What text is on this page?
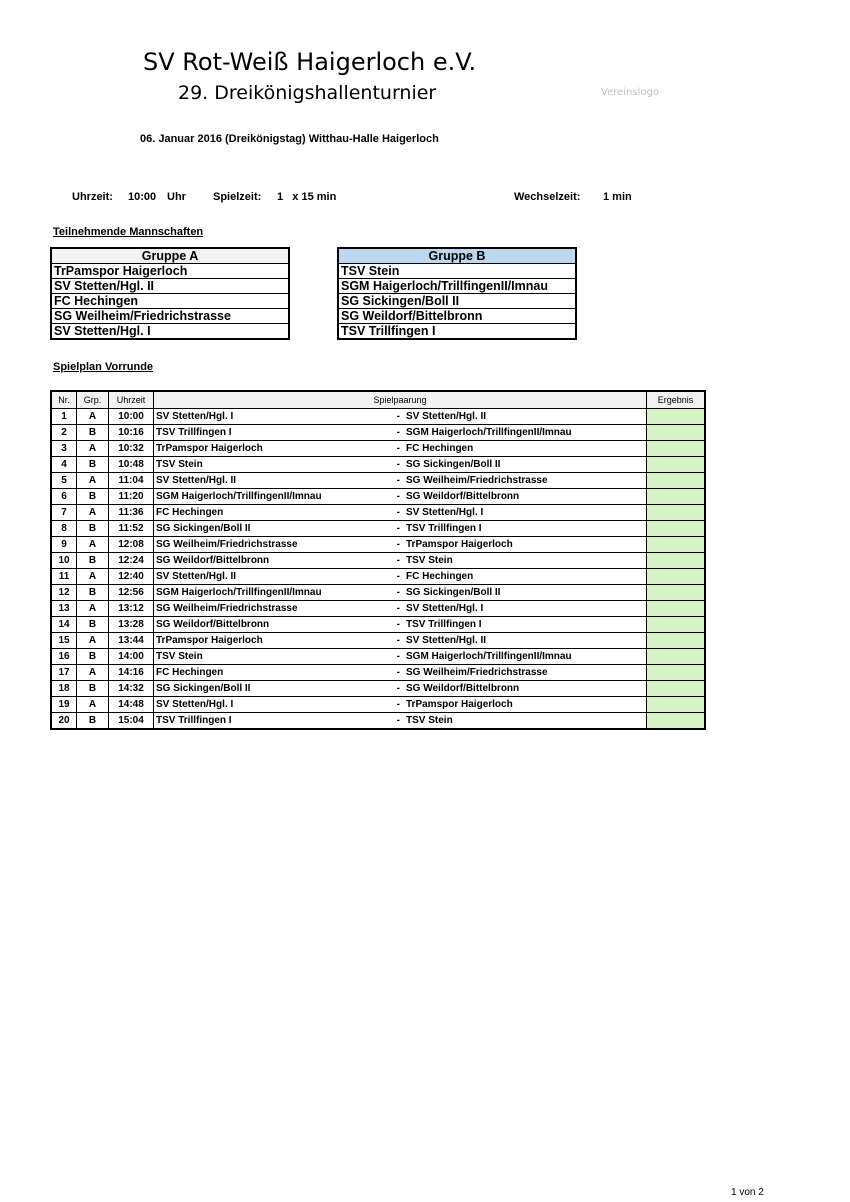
SV Rot-Weiß Haigerloch e.V.
29. Dreikönigshallenturnier	Vereinslogo
06. Januar 2016 (Dreikönigstag) Witthau-Halle Haigerloch
Uhrzeit: 10:00 Uhr Spielzeit: 1   x 15 min	Wechselzeit: 1 min
Teilnehmende Mannschaften
Gruppe A
TrPamspor Haigerloch
SV Stetten/Hgl. II
FC Hechingen
SG Weilheim/Friedrichstrasse
SV Stetten/Hgl. I
Gruppe B
TSV Stein
SGM Haigerloch/TrillfingenII/Imnau
SG Sickingen/Boll II
SG Weildorf/Bittelbronn
TSV Trillfingen I
Spielplan Vorrunde
Nr.	Grp.	Uhrzeit	Spielpaarung	Ergebnis
1	A	10:00	SV Stetten/Hgl. I - SV Stetten/Hgl. II	
2	B	10:16	TSV Trillfingen I - SGM Haigerloch/TrillfingenII/Imnau	
3	A	10:32	TrPamspor Haigerloch - FC Hechingen	
4	B	10:48	TSV Stein - SG Sickingen/Boll II	
5	A	11:04	SV Stetten/Hgl. II - SG Weilheim/Friedrichstrasse	
6	B	11:20	SGM Haigerloch/TrillfingenII/Imnau - SG Weildorf/Bittelbronn	
7	A	11:36	FC Hechingen - SV Stetten/Hgl. I	
8	B	11:52	SG Sickingen/Boll II - TSV Trillfingen I	
9	A	12:08	SG Weilheim/Friedrichstrasse - TrPamspor Haigerloch	
10	B	12:24	SG Weildorf/Bittelbronn - TSV Stein	
11	A	12:40	SV Stetten/Hgl. II - FC Hechingen	
12	B	12:56	SGM Haigerloch/TrillfingenII/Imnau - SG Sickingen/Boll II	
13	A	13:12	SG Weilheim/Friedrichstrasse - SV Stetten/Hgl. I	
14	B	13:28	SG Weildorf/Bittelbronn - TSV Trillfingen I	
15	A	13:44	TrPamspor Haigerloch - SV Stetten/Hgl. II	
16	B	14:00	TSV Stein - SGM Haigerloch/TrillfingenII/Imnau	
17	A	14:16	FC Hechingen - SG Weilheim/Friedrichstrasse	
18	B	14:32	SG Sickingen/Boll II - SG Weildorf/Bittelbronn	
19	A	14:48	SV Stetten/Hgl. I - TrPamspor Haigerloch	
20	B	15:04	TSV Trillfingen I - TSV Stein	
1 von 2
